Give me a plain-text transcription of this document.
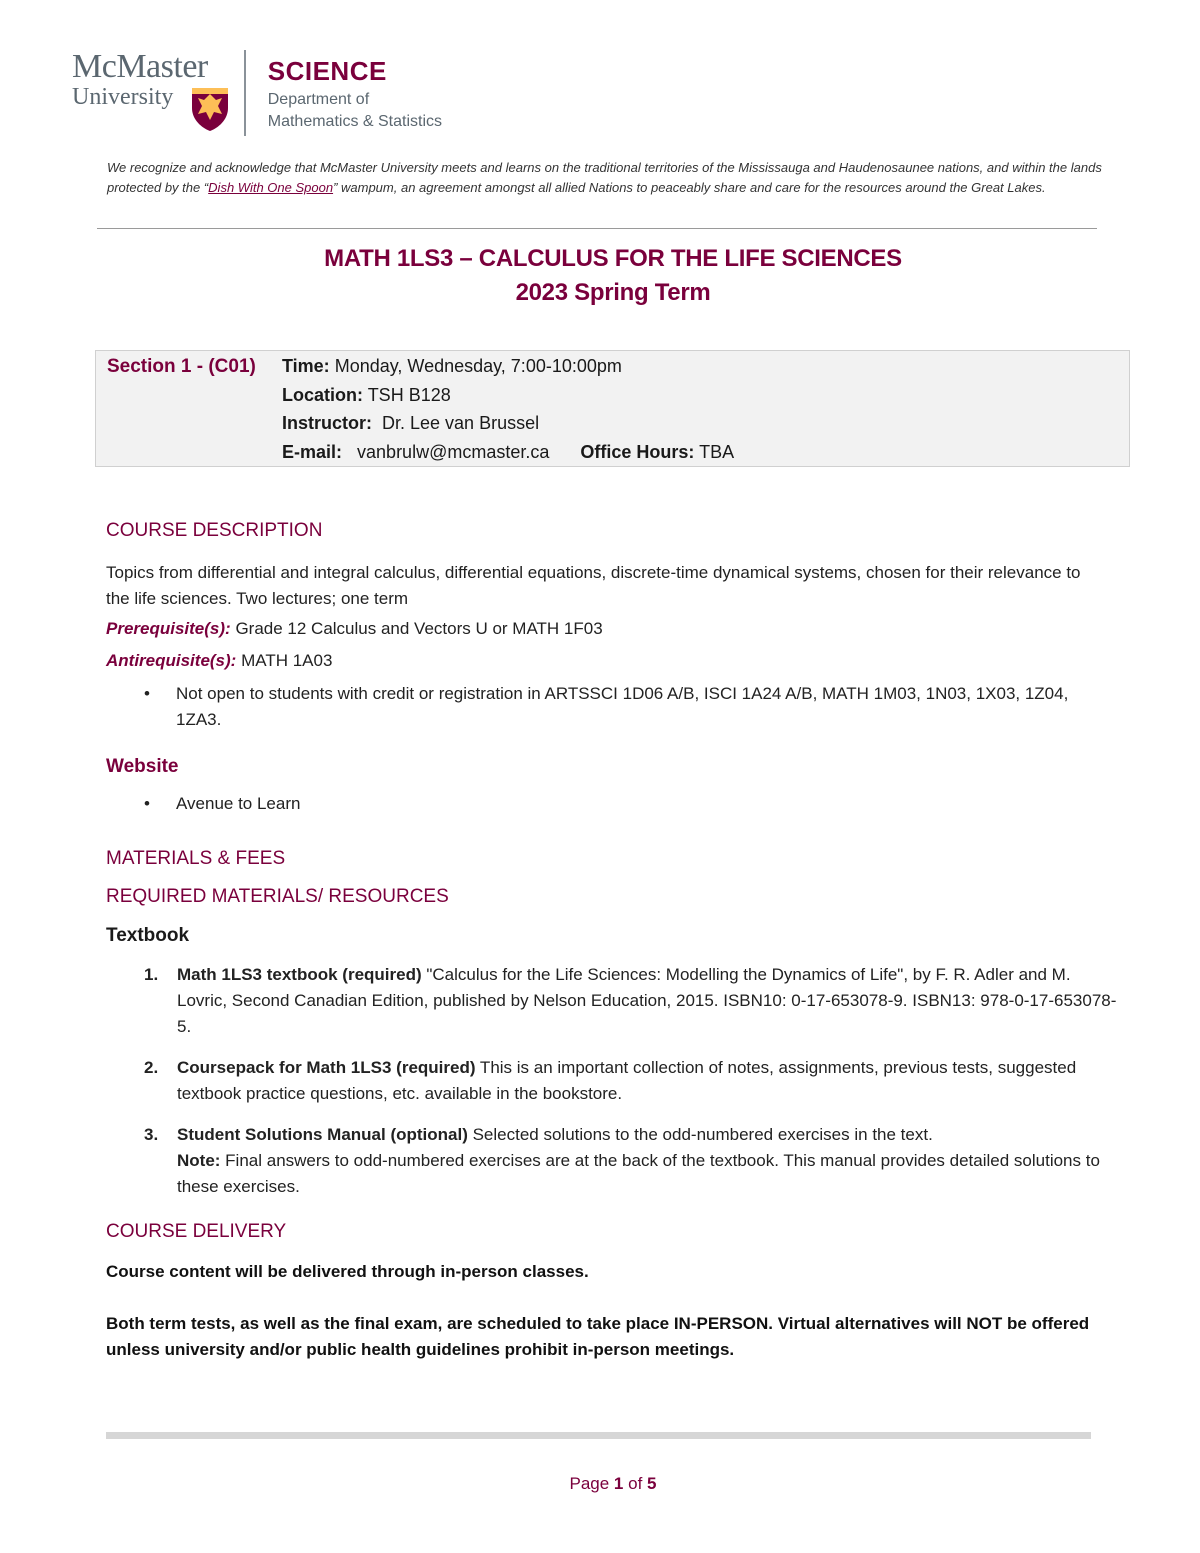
McMaster
University
SCIENCE
Department of
Mathematics & Statistics
We recognize and acknowledge that McMaster University meets and learns on the traditional territories of the Mississauga and Haudenosaunee nations, and within the lands protected by the “Dish With One Spoon” wampum, an agreement amongst all allied Nations to peaceably share and care for the resources around the Great Lakes.
MATH 1LS3 – CALCULUS FOR THE LIFE SCIENCES
2023 Spring Term
Section 1 - (C01) Time: Monday, Wednesday, 7:00-10:00pm
Location: TSH B128
Instructor: Dr. Lee van Brussel
E-mail: vanbrulw@mcmaster.ca Office Hours: TBA
COURSE DESCRIPTION
Topics from differential and integral calculus, differential equations, discrete-time dynamical systems, chosen for their relevance to the life sciences. Two lectures; one term
Prerequisite(s): Grade 12 Calculus and Vectors U or MATH 1F03
Antirequisite(s): MATH 1A03
• Not open to students with credit or registration in ARTSSCI 1D06 A/B, ISCI 1A24 A/B, MATH 1M03, 1N03, 1X03, 1Z04, 1ZA3.
Website
• Avenue to Learn
MATERIALS & FEES
REQUIRED MATERIALS/ RESOURCES
Textbook
1. Math 1LS3 textbook (required) "Calculus for the Life Sciences: Modelling the Dynamics of Life", by F. R. Adler and M. Lovric, Second Canadian Edition, published by Nelson Education, 2015. ISBN10: 0-17-653078-9. ISBN13: 978-0-17-653078-5.
2. Coursepack for Math 1LS3 (required) This is an important collection of notes, assignments, previous tests, suggested textbook practice questions, etc. available in the bookstore.
3. Student Solutions Manual (optional) Selected solutions to the odd-numbered exercises in the text.
Note: Final answers to odd-numbered exercises are at the back of the textbook. This manual provides detailed solutions to these exercises.
COURSE DELIVERY
Course content will be delivered through in-person classes.
Both term tests, as well as the final exam, are scheduled to take place IN-PERSON. Virtual alternatives will NOT be offered unless university and/or public health guidelines prohibit in-person meetings.
Page 1 of 5
